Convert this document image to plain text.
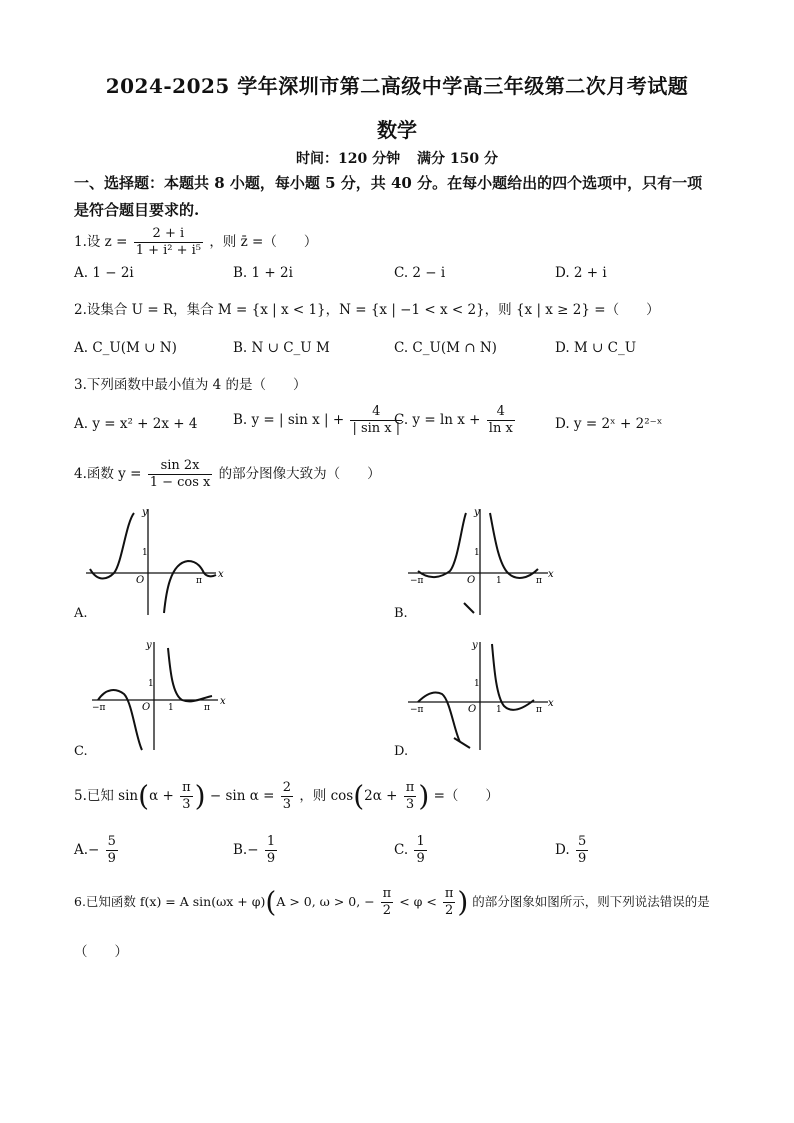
2024-2025 学年深圳市第二高级中学高三年级第二次月考试题
数学
时间：120 分钟 满分 150 分
一、选择题：本题共 8 小题，每小题 5 分，共 40 分。在每小题给出的四个选项中，只有一项
是符合题目要求的.
1.设 $z = \frac{2 + i}{\text{1 + i² + i⁵}}$ ，则 z̄ =（　　）
A. 1 − 2i	B. 1 + 2i	C. 2 − i	D. 2 + i
2.设集合 U = R，集合 M = {x | x < 1}，N = {x | −1 < x < 2}，则 {x | x ≥ 2} =（　　）
A. C_U(M ∪ N)	B. N ∪ C_U M	C. C_U(M ∩ N)	D. M ∪ C_U
3.下列函数中最小值为 4 的是（　　）
A. y = x² + 2x + 4	B. y = | sin x | + $\frac{4}{\text{| sin x |}}$
C. $y = \ln x + \frac{4}{\text{ln x}}$	D. y = 2ˣ + 2²⁻ˣ
4.函数 $y = \frac{\sin 2x}{\text{1 − cos x}}$ 的部分图像大致为（　　）
y
x
O
1
π
A.
y
x
O
1
−π	1	π
B.
y
x
O
1
−π	1	π
C.
y
x
O
1
−π	1	π
D.
5.已知 $\sin(\alpha + \frac{\pi}{3}$ ) − $\sin \alpha = \frac{2}{3}$ ，则 $\cos(2\alpha + \frac{\pi}{3}$ ) =（　　）
$A.- \frac{5}{9}$	$B.- \frac{1}{9}$	C. $\frac{1}{9}$	D. $\frac{5}{9}$
6.已知函数 f(x) = A sin(ωx + φ)(A > 0, ω > 0, − $\frac{\pi}{2} < \varphi < \frac{\pi}{2}$ ) 的部分图象如图所示，则下列说法错误的是
（　　）
